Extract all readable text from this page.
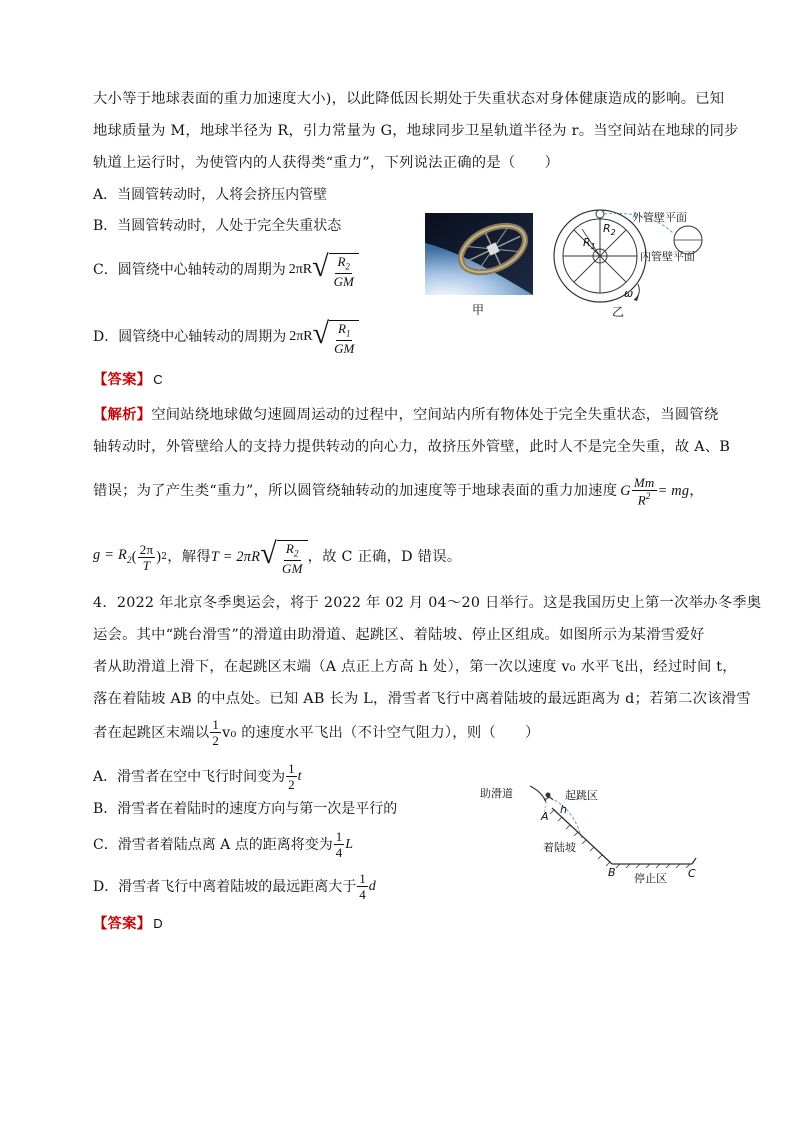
大小等于地球表面的重力加速度大小)，以此降低因长期处于失重状态对身体健康造成的影响。已知
地球质量为 M，地球半径为 R，引力常量为 G，地球同步卫星轨道半径为 r。当空间站在地球的同步
轨道上运行时，为使管内的人获得类“重力”，下列说法正确的是（　　）
A．当圆管转动时，人将会挤压内管壁
B．当圆管转动时，人处于完全失重状态
C．圆管绕中心轴转动的周期为 2πR √ $\frac{R_2}{GM}$
D．圆管绕中心轴转动的周期为 2πR √ $\frac{R_1}{GM}$
甲
$R_1$
$R_2$
外管壁平面
内管壁平面
ω
乙
【答案】 C
【解析】空间站绕地球做匀速圆周运动的过程中，空间站内所有物体处于完全失重状态，当圆管绕
轴转动时，外管壁给人的支持力提供转动的向心力，故挤压外管壁，此时人不是完全失重，故 A、B
错误；为了产生类“重力”，所以圆管绕轴转动的加速度等于地球表面的重力加速度 G $\frac{Mm}{R^2}$ = mg ，
$g = R_2$ ( $\frac{2\pi}{T}$ ) 2 ，解得 T = 2πR √ $\frac{R_2}{GM}$ ，故 C 正确，D 错误。
4．2022 年北京冬季奥运会，将于 2022 年 02 月 04～20 日举行。这是我国历史上第一次举办冬季奥
运会。其中“跳台滑雪”的滑道由助滑道、起跳区、着陆坡、停止区组成。如图所示为某滑雪爱好
者从助滑道上滑下，在起跳区末端（A 点正上方高 h 处），第一次以速度 v₀ 水平飞出，经过时间 t，
落在着陆坡 AB 的中点处。已知 AB 长为 L，滑雪者飞行中离着陆坡的最远距离为 d；若第二次该滑雪
者在起跳区末端以 $\frac{1}{2} v_0$ 的速度水平飞出（不计空气阻力），则（　　）
A．滑雪者在空中飞行时间变为 $\frac{1}{2}$ t
B．滑雪者在着陆时的速度方向与第一次是平行的
C．滑雪者着陆点离 A 点的距离将变为 $\frac{1}{4}$ L
D．滑雪者飞行中离着陆坡的最远距离大于 $\frac{1}{4}$ d
助滑道	起跳区
A
h
着陆坡
B 停止区 C
【答案】 D
